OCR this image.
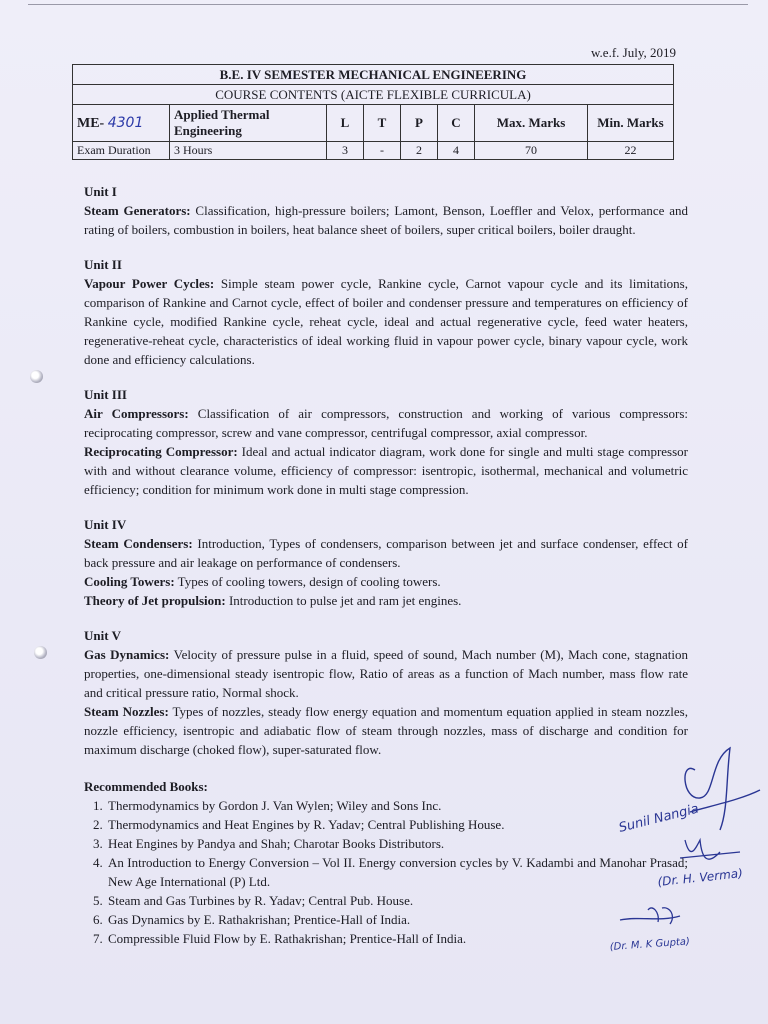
w.e.f. July, 2019
B.E. IV SEMESTER MECHANICAL ENGINEERING							
COURSE CONTENTS (AICTE FLEXIBLE CURRICULA)							
ME- 4301	Applied Thermal Engineering	L	T	P	C	Max. Marks	Min. Marks
Exam Duration	3 Hours	3	-	2	4	70	22
Unit I

Steam Generators: Classification, high-pressure boilers; Lamont, Benson, Loeffler and Velox, performance and rating of boilers, combustion in boilers, heat balance sheet of boilers, super critical boilers, boiler draught.

Unit II

Vapour Power Cycles: Simple steam power cycle, Rankine cycle, Carnot vapour cycle and its limitations, comparison of Rankine and Carnot cycle, effect of boiler and condenser pressure and temperatures on efficiency of Rankine cycle, modified Rankine cycle, reheat cycle, ideal and actual regenerative cycle, feed water heaters, regenerative-reheat cycle, characteristics of ideal working fluid in vapour power cycle, binary vapour cycle, work done and efficiency calculations.

Unit III

Air Compressors: Classification of air compressors, construction and working of various compressors: reciprocating compressor, screw and vane compressor, centrifugal compressor, axial compressor.

Reciprocating Compressor: Ideal and actual indicator diagram, work done for single and multi stage compressor with and without clearance volume, efficiency of compressor: isentropic, isothermal, mechanical and volumetric efficiency; condition for minimum work done in multi stage compression.

Unit IV

Steam Condensers: Introduction, Types of condensers, comparison between jet and surface condenser, effect of back pressure and air leakage on performance of condensers.

Cooling Towers: Types of cooling towers, design of cooling towers.

Theory of Jet propulsion: Introduction to pulse jet and ram jet engines.

Unit V

Gas Dynamics: Velocity of pressure pulse in a fluid, speed of sound, Mach number (M), Mach cone, stagnation properties, one-dimensional steady isentropic flow, Ratio of areas as a function of Mach number, mass flow rate and critical pressure ratio, Normal shock.

Steam Nozzles: Types of nozzles, steady flow energy equation and momentum equation applied in steam nozzles, nozzle efficiency, isentropic and adiabatic flow of steam through nozzles, mass of discharge and condition for maximum discharge (choked flow), super-saturated flow.

Recommended Books:
1. Thermodynamics by Gordon J. Van Wylen; Wiley and Sons Inc.
2. Thermodynamics and Heat Engines by R. Yadav; Central Publishing House.
3. Heat Engines by Pandya and Shah; Charotar Books Distributors.
4. An Introduction to Energy Conversion – Vol II. Energy conversion cycles by V. Kadambi and Manohar Prasad; New Age International (P) Ltd.
5. Steam and Gas Turbines by R. Yadav; Central Pub. House.
6. Gas Dynamics by E. Rathakrishan; Prentice-Hall of India.
7. Compressible Fluid Flow by E. Rathakrishan; Prentice-Hall of India.
Sunil Nangia
(Dr. H. Verma)
(Dr. M. K Gupta)
